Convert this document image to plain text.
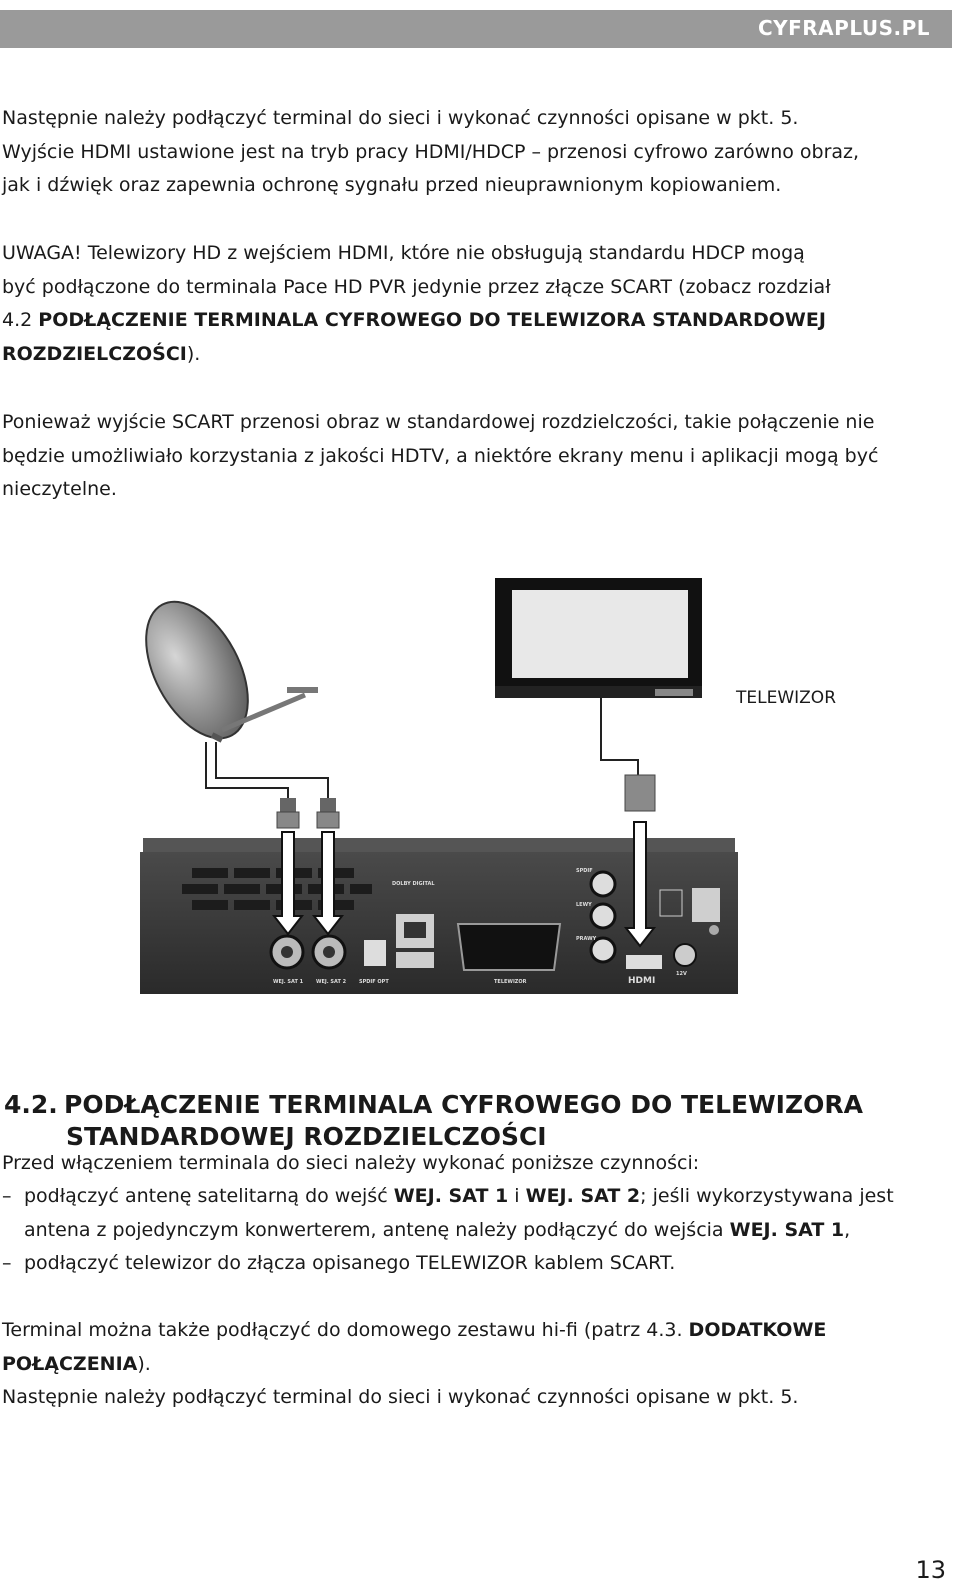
CYFRAPLUS.PL

Następnie należy podłączyć terminal do sieci i wykonać czynności opisane w pkt. 5.
Wyjście HDMI ustawione jest na tryb pracy HDMI/HDCP – przenosi cyfrowo zarówno obraz,
jak i dźwięk oraz zapewnia ochronę sygnału przed nieuprawnionym kopiowaniem.

UWAGA! Telewizory HD z wejściem HDMI, które nie obsługują standardu HDCP mogą
być podłączone do terminala Pace HD PVR jedynie przez złącze SCART (zobacz rozdział
4.2 PODŁĄCZENIE TERMINALA CYFROWEGO DO TELEWIZORA STANDARDOWEJ
ROZDZIELCZOŚCI).

Ponieważ wyjście SCART przenosi obraz w standardowej rozdzielczości, takie połączenie nie
będzie umożliwiało korzystania z jakości HDTV, a niektóre ekrany menu i aplikacji mogą być
nieczytelne.

WEJ. SAT 1	WEJ. SAT 2	SPDIF OPT	TELEWIZOR
SPDIF
LEWY
PRAWY
12V
DOLBY DIGITAL
HDMI
TELEWIZOR
4.2. PODŁĄCZENIE TERMINALA CYFROWEGO DO TELEWIZORA
STANDARDOWEJ ROZDZIELCZOŚCI

Przed włączeniem terminala do sieci należy wykonać poniższe czynności:

– podłączyć antenę satelitarną do wejść WEJ. SAT 1 i WEJ. SAT 2; jeśli wykorzystywana jest
antena z pojedynczym konwerterem, antenę należy podłączyć do wejścia WEJ. SAT 1,

– podłączyć telewizor do złącza opisanego TELEWIZOR kablem SCART.

Terminal można także podłączyć do domowego zestawu hi-fi (patrz 4.3. DODATKOWE
POŁĄCZENIA).
Następnie należy podłączyć terminal do sieci i wykonać czynności opisane w pkt. 5.

13
